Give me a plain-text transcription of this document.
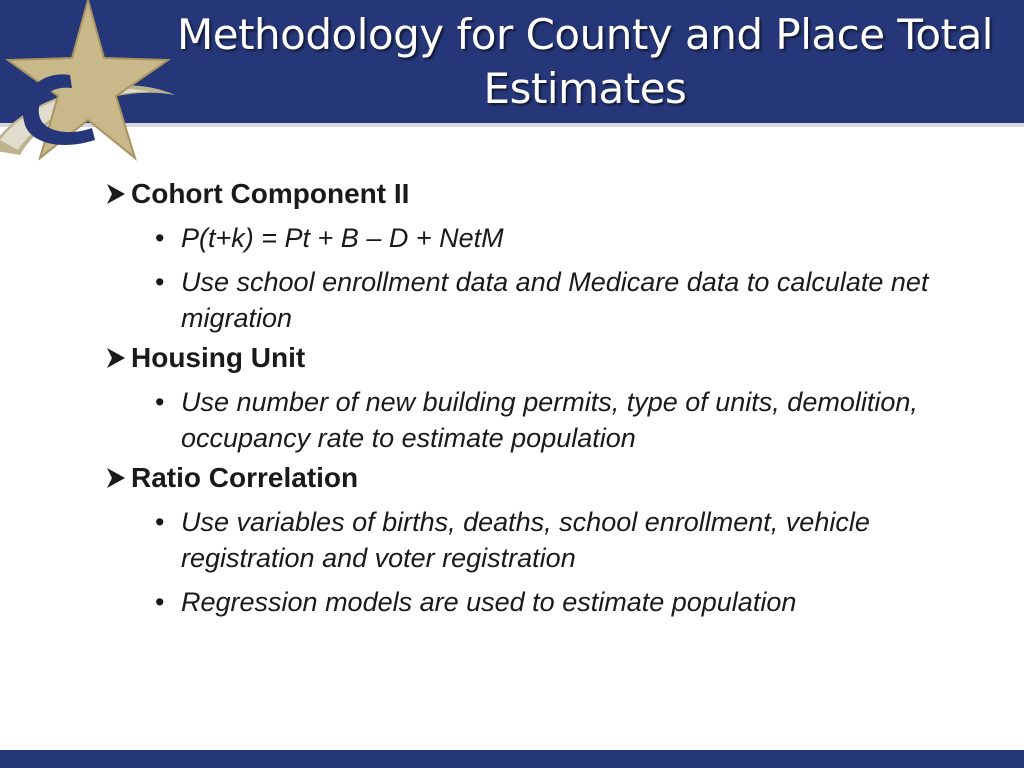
Methodology for County and Place Total
Estimates
Cohort Component II
• P(t+k) = Pt + B – D + NetM
• Use school enrollment data and Medicare data to calculate net migration
Housing Unit
• Use number of new building permits, type of units, demolition, occupancy rate to estimate population
Ratio Correlation
• Use variables of births, deaths, school enrollment, vehicle registration and voter registration
• Regression models are used to estimate population
